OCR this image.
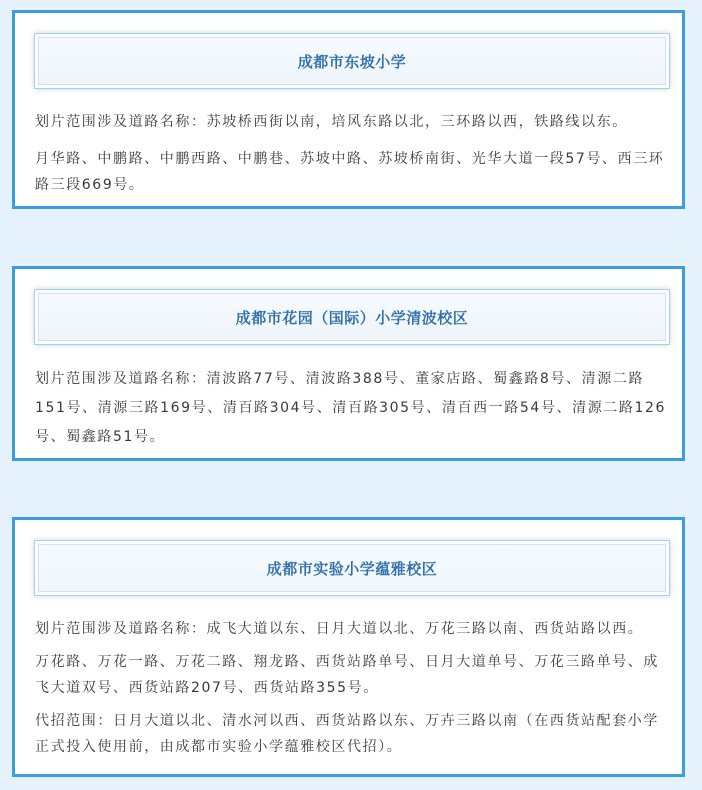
成都市东坡小学

划片范围涉及道路名称：苏坡桥西街以南，培风东路以北，三环路以西，铁路线以东。

月华路、中鹏路、中鹏西路、中鹏巷、苏坡中路、苏坡桥南街、光华大道一段57号、西三环路三段669号。

成都市花园（国际）小学清波校区

划片范围涉及道路名称：清波路77号、清波路388号、董家店路、蜀鑫路8号、清源二路151号、清源三路169号、清百路304号、清百路305号、清百西一路54号、清源二路126号、蜀鑫路51号。

成都市实验小学蕴雅校区

划片范围涉及道路名称：成飞大道以东、日月大道以北、万花三路以南、西货站路以西。

万花路、万花一路、万花二路、翔龙路、西货站路单号、日月大道单号、万花三路单号、成飞大道双号、西货站路207号、西货站路355号。

代招范围：日月大道以北、清水河以西、西货站路以东、万卉三路以南（在西货站配套小学正式投入使用前，由成都市实验小学蕴雅校区代招）。
